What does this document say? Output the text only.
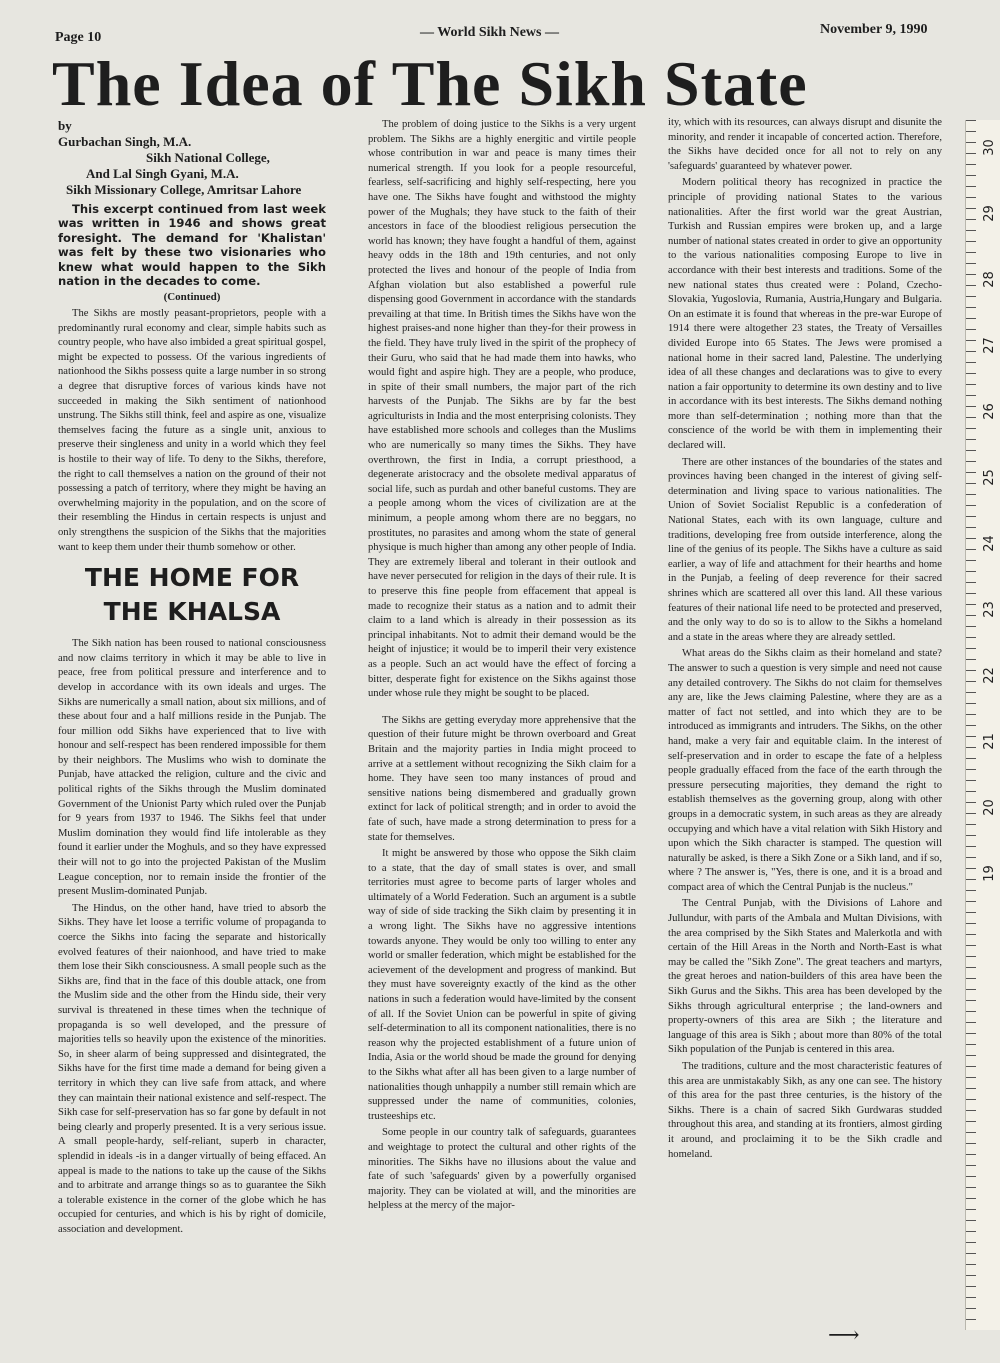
Page 10	— World Sikh News —	November 9, 1990
The Idea of The Sikh State
by
Gurbachan Singh, M.A.
Sikh National College,
And Lal Singh Gyani, M.A.
Sikh Missionary College, Amritsar Lahore

This excerpt continued from last week was written in 1946 and shows great foresight. The demand for 'Khalistan' was felt by these two visionaries who knew what would happen to the Sikh nation in the decades to come.

(Continued)

The Sikhs are mostly peasant-proprietors, people with a predominantly rural economy and clear, simple habits such as country people, who have also imbided a great spiritual gospel, might be expected to possess. Of the various ingredients of nationhood the Sikhs possess quite a large number in so strong a degree that disruptive forces of various kinds have not succeeded in making the Sikh sentiment of nationhood unstrung. The Sikhs still think, feel and aspire as one, visualize themselves facing the future as a single unit, anxious to preserve their singleness and unity in a world which they feel is hostile to their way of life. To deny to the Sikhs, therefore, the right to call themselves a nation on the ground of their not possessing a patch of territory, where they might be having an overwhelming majority in the population, and on the score of their resembling the Hindus in certain respects is unjust and only strengthens the suspicion of the Sikhs that the majorities want to keep them under their thumb somehow or other.

THE HOME FOR THE KHALSA

The Sikh nation has been roused to national consciousness and now claims territory in which it may be able to live in peace, free from political pressure and interference and to develop in accordance with its own ideals and urges. The Sikhs are numerically a small nation, about six millions, and of these about four and a half millions reside in the Punjab. The four million odd Sikhs have experienced that to live with honour and self-respect has been rendered impossible for them by their neighbors. The Muslims who wish to dominate the Punjab, have attacked the religion, culture and the civic and political rights of the Sikhs through the Muslim dominated Government of the Unionist Party which ruled over the Punjab for 9 years from 1937 to 1946. The Sikhs feel that under Muslim domination they would find life intolerable as they found it earlier under the Moghuls, and so they have expressed their will not to go into the projected Pakistan of the Muslim League conception, nor to remain inside the frontier of the present Muslim-dominated Punjab.

The Hindus, on the other hand, have tried to absorb the Sikhs. They have let loose a terrific volume of propaganda to coerce the Sikhs into facing the separate and historically evolved features of their naionhood, and have tried to make them lose their Sikh consciousness. A small people such as the Sikhs are, find that in the face of this double attack, one from the Muslim side and the other from the Hindu side, their very survival is threatened in these times when the technique of propaganda is so well developed, and the pressure of majorities tells so heavily upon the existence of the minorities. So, in sheer alarm of being suppressed and disintegrated, the Sikhs have for the first time made a demand for being given a territory in which they can live safe from attack, and where they can maintain their national existence and self-respect. The Sikh case for self-preservation has so far gone by default in not being clearly and properly presented. It is a very serious issue. A small people-hardy, self-reliant, superb in character, splendid in ideals -is in a danger virtually of being effaced. An appeal is made to the nations to take up the cause of the Sikhs and to arbitrate and arrange things so as to guarantee the Sikh a tolerable existence in the corner of the globe which he has occupied for centuries, and which is his by right of domicile, association and development.

The problem of doing justice to the Sikhs is a very urgent problem. The Sikhs are a highly energitic and virtile people whose contribution in war and peace is many times their numerical strength. If you look for a people resourceful, fearless, self-sacrificing and highly self-respecting, here you have one. The Sikhs have fought and withstood the mighty power of the Mughals; they have stuck to the faith of their ancestors in face of the bloodiest religious persecution the world has known; they have fought a handful of them, against heavy odds in the 18th and 19th centuries, and not only protected the lives and honour of the people of India from Afghan violation but also established a powerful rule dispensing good Government in accordance with the standards prevailing at that time. In British times the Sikhs have won the highest praises-and none higher than they-for their prowess in the field. They have truly lived in the spirit of the prophecy of their Guru, who said that he had made them into hawks, who would fight and aspire high. They are a people, who produce, in spite of their small numbers, the major part of the rich harvests of the Punjab. The Sikhs are by far the best agriculturists in India and the most enterprising colonists. They have established more schools and colleges than the Muslims who are numerically so many times the Sikhs. They have overthrown, the first in India, a corrupt priesthood, a degenerate aristocracy and the obsolete medival apparatus of social life, such as purdah and other baneful customs. They are a people among whom the vices of civilization are at the minimum, a people among whom there are no beggars, no prostitutes, no parasites and among whom the state of general physique is much higher than among any other people of India. They are extremely liberal and tolerant in their outlook and have never persecuted for religion in the days of their rule. It is to preserve this fine people from effacement that appeal is made to recognize their status as a nation and to admit their claim to a land which is already in their possession as its principal inhabitants. Not to admit their demand would be the height of injustice; it would be to imperil their very existence as a people. Such an act would have the effect of forcing a bitter, desperate fight for existence on the Sikhs against those under whose rule they might be sought to be placed.

The Sikhs are getting everyday more apprehensive that the question of their future might be thrown overboard and Great Britain and the majority parties in India might proceed to arrive at a settlement without recognizing the Sikh claim for a home. They have seen too many instances of proud and sensitive nations being dismembered and gradually grown extinct for lack of political strength; and in order to avoid the fate of such, have made a strong determination to press for a state for themselves.

It might be answered by those who oppose the Sikh claim to a state, that the day of small states is over, and small territories must agree to become parts of larger wholes and ultimately of a World Federation. Such an argument is a subtle way of side of side tracking the Sikh claim by presenting it in a wrong light. The Sikhs have no aggressive intentions towards anyone. They would be only too willing to enter any world or smaller federation, which might be established for the acievement of the development and progress of mankind. But they must have sovereignty exactly of the kind as the other nations in such a federation would have-limited by the consent of all. If the Soviet Union can be powerful in spite of giving self-determination to all its component nationalities, there is no reason why the projected establishment of a future union of India, Asia or the world shoud be made the ground for denying to the Sikhs what after all has been given to a large number of nationalities though unhappily a number still remain which are suppressed under the name of communities, colonies, trusteeships etc.

Some people in our country talk of safeguards, guarantees and weightage to protect the cultural and other rights of the minorities. The Sikhs have no illusions about the value and fate of such 'safeguards' given by a powerfully organised majority. They can be violated at will, and the minorities are helpless at the mercy of the major-

ity, which with its resources, can always disrupt and disunite the minority, and render it incapable of concerted action. Therefore, the Sikhs have decided once for all not to rely on any 'safeguards' guaranteed by whatever power.

Modern political theory has recognized in practice the principle of providing national States to the various nationalities. After the first world war the great Austrian, Turkish and Russian empires were broken up, and a large number of national states created in order to give an opportunity to the various nationalities composing Europe to live in accordance with their best interests and traditions. Some of the new national states thus created were : Poland, Czecho-Slovakia, Yugoslovia, Rumania, Austria,Hungary and Bulgaria. On an estimate it is found that whereas in the pre-war Europe of 1914 there were altogether 23 states, the Treaty of Versailles divided Europe into 65 States. The Jews were promised a national home in their sacred land, Palestine. The underlying idea of all these changes and declarations was to give to every nation a fair opportunity to determine its own destiny and to live in accordance with its best interests. The Sikhs demand nothing more than self-determination ; nothing more than that the conscience of the world be with them in implementing their declared will.

There are other instances of the boundaries of the states and provinces having been changed in the interest of giving self-determination and living space to various nationalities. The Union of Soviet Socialist Republic is a confederation of National States, each with its own language, culture and traditions, developing free from outside interference, along the line of the genius of its people. The Sikhs have a culture as said earlier, a way of life and attachment for their hearths and home in the Punjab, a feeling of deep reverence for their sacred shrines which are scattered all over this land. All these various features of their national life need to be protected and preserved, and the only way to do so is to allow to the Sikhs a homeland and a state in the areas where they are already settled.

What areas do the Sikhs claim as their homeland and state? The answer to such a question is very simple and need not cause any detailed controvery. The Sikhs do not claim for themselves any are, like the Jews claiming Palestine, where they are as a matter of fact not settled, and into which they are to be introduced as immigrants and intruders. The Sikhs, on the other hand, make a very fair and equitable claim. In the interest of self-preservation and in order to escape the fate of a helpless people gradually effaced from the face of the earth through the pressure persecuting majorities, they demand the right to establish themselves as the governing group, along with other groups in a democratic system, in such areas as they are already occupying and which have a vital relation with Sikh History and upon which the Sikh character is stamped. The question will naturally be asked, is there a Sikh Zone or a Sikh land, and if so, where ? The answer is, "Yes, there is one, and it is a broad and compact area of which the Central Punjab is the nucleus."

The Central Punjab, with the Divisions of Lahore and Jullundur, with parts of the Ambala and Multan Divisions, with the area comprised by the Sikh States and Malerkotla and with certain of the Hill Areas in the North and North-East is what may be called the "Sikh Zone". The great teachers and martyrs, the great heroes and nation-builders of this area have been the Sikh Gurus and the Sikhs. This area has been developed by the Sikhs through agricultural enterprise ; the land-owners and property-owners of this area are Sikh ; the literature and language of this area is Sikh ; about more than 80% of the total Sikh population of the Punjab is centered in this area.

The traditions, culture and the most characteristic features of this area are unmistakably Sikh, as any one can see. The history of this area for the past three centuries, is the history of the Sikhs. There is a chain of sacred Sikh Gurdwaras studded throughout this area, and standing at its frontiers, almost girding it around, and proclaiming it to be the Sikh cradle and homeland.

⟶
30
29
28
27
26
25
24
23
22
21
20
19
